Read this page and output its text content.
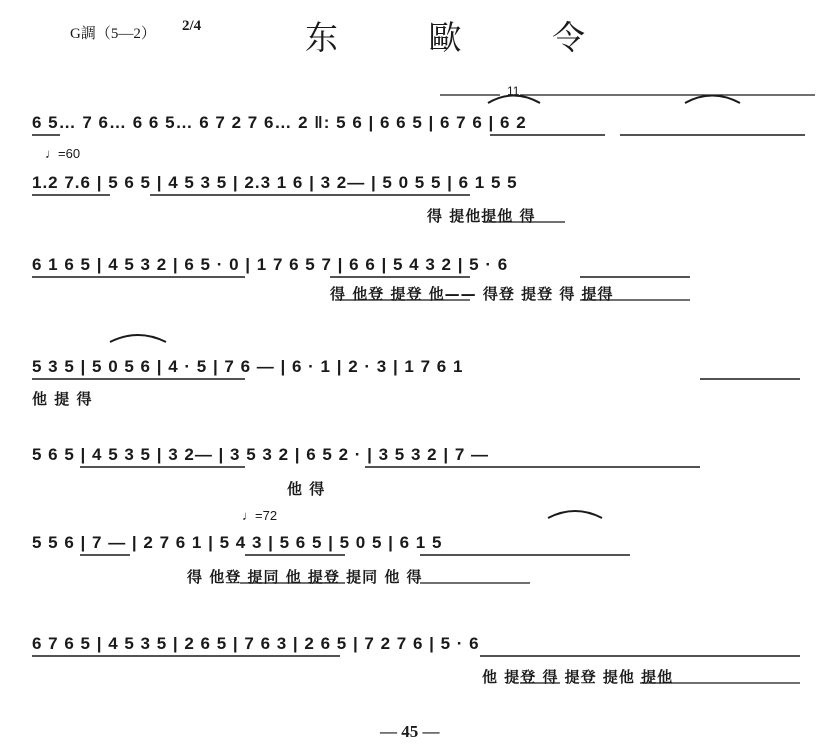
G調（5—2） 2/4	东 歐 令
♩=60
♩=72
11
6 5… 7 6… 6 6 5… 6 7 2 7 6… 2 ‖: 5 6 | 6 6 5 | 6 7 6 | 6 2
1.2 7.6 | 5 6 5 | 4 5 3 5 | 2.3 1 6 | 3 2— | 5 0 5 5 | 6 1 5 5
6 1 6 5 | 4 5 3 2 | 6 5 · 0 | 1 7 6 5 7 | 6 6 | 5 4 3 2 | 5 · 6
5 3 5 | 5 0 5 6 | 4 · 5 | 7 6 — | 6 · 1 | 2 · 3 | 1 7 6 1
5 6 5 | 4 5 3 5 | 3 2— | 3 5 3 2 | 6 5 2 · | 3 5 3 2 | 7 —
5 5 6 | 7 — | 2 7 6 1 | 5 4 3 | 5 6 5 | 5 0 5 | 6 1 5
6 7 6 5 | 4 5 3 5 | 2 6 5 | 7 6 3 | 2 6 5 | 7 2 7 6 | 5 · 6
得 提他提他 得
得 他登 提登 他—— 得登 提登 得 提得
他 提 得
他 得
得 他登 提同 他 提登 提同 他 得
他 提登 得 提登 提他 提他
— 45 —
